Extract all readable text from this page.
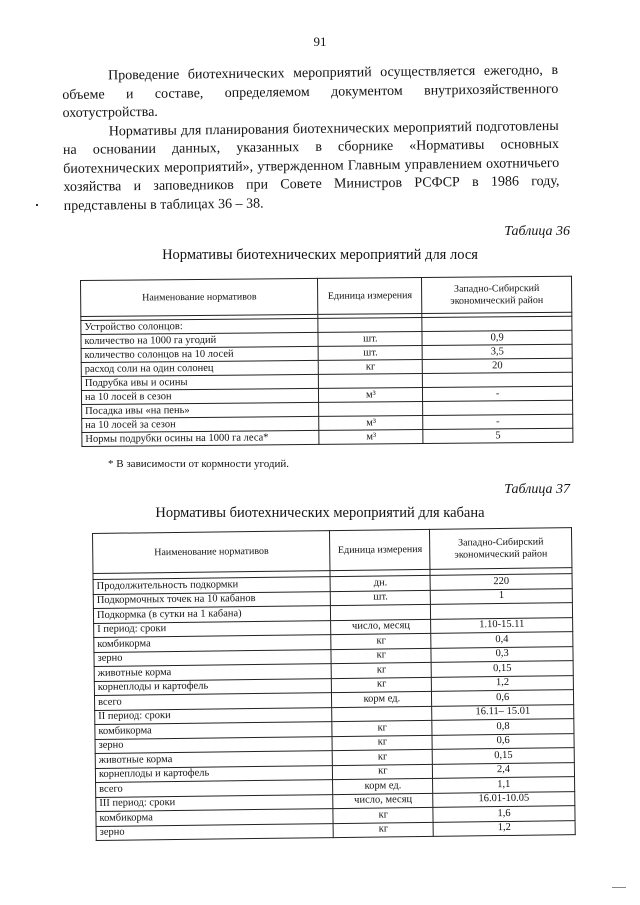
91

Проведение биотехнических мероприятий осуществляется ежегодно, в объеме и составе, определяемом документом внутрихозяйственного охотустройства.

Нормативы для планирования биотехнических мероприятий подготовлены на основании данных, указанных в сборнике «Нормативы основных биотехнических мероприятий», утвержденном Главным управлением охотничьего хозяйства и заповедников при Совете Министров РСФСР в 1986 году, представлены в таблицах 36 – 38.

Таблица 36
Нормативы биотехнических мероприятий для лося
Наименование нормативов	Единица измерения	Западно-Сибирский экономический район

Устройство солонцов:		
количество на 1000 га угодий	шт.	0,9
количество солонцов на 10 лосей	шт.	3,5
расход соли на один солонец	кг	20
Подрубка ивы и осины		
на 10 лосей в сезон	м³	-
Посадка ивы «на пень»		
на 10 лосей за сезон	м³	-
Нормы подрубки осины на 1000 га леса*	м³	5
* В зависимости от кормности угодий.
Таблица 37
Нормативы биотехнических мероприятий для кабана
Наименование нормативов	Единица измерения	Западно-Сибирский экономический район

Продолжительность подкормки	дн.	220
Подкормочных точек на 10 кабанов	шт.	1
Подкормка (в сутки на 1 кабана)		
I период: сроки	число, месяц	1.10-15.11
комбикорма	кг	0,4
зерно	кг	0,3
животные корма	кг	0,15
корнеплоды и картофель	кг	1,2
всего	корм ед.	0,6
II период: сроки		16.11– 15.01
комбикорма	кг	0,8
зерно	кг	0,6
животные корма	кг	0,15
корнеплоды и картофель	кг	2,4
всего	корм ед.	1,1
III период: сроки	число, месяц	16.01-10.05
комбикорма	кг	1,6
зерно	кг	1,2
